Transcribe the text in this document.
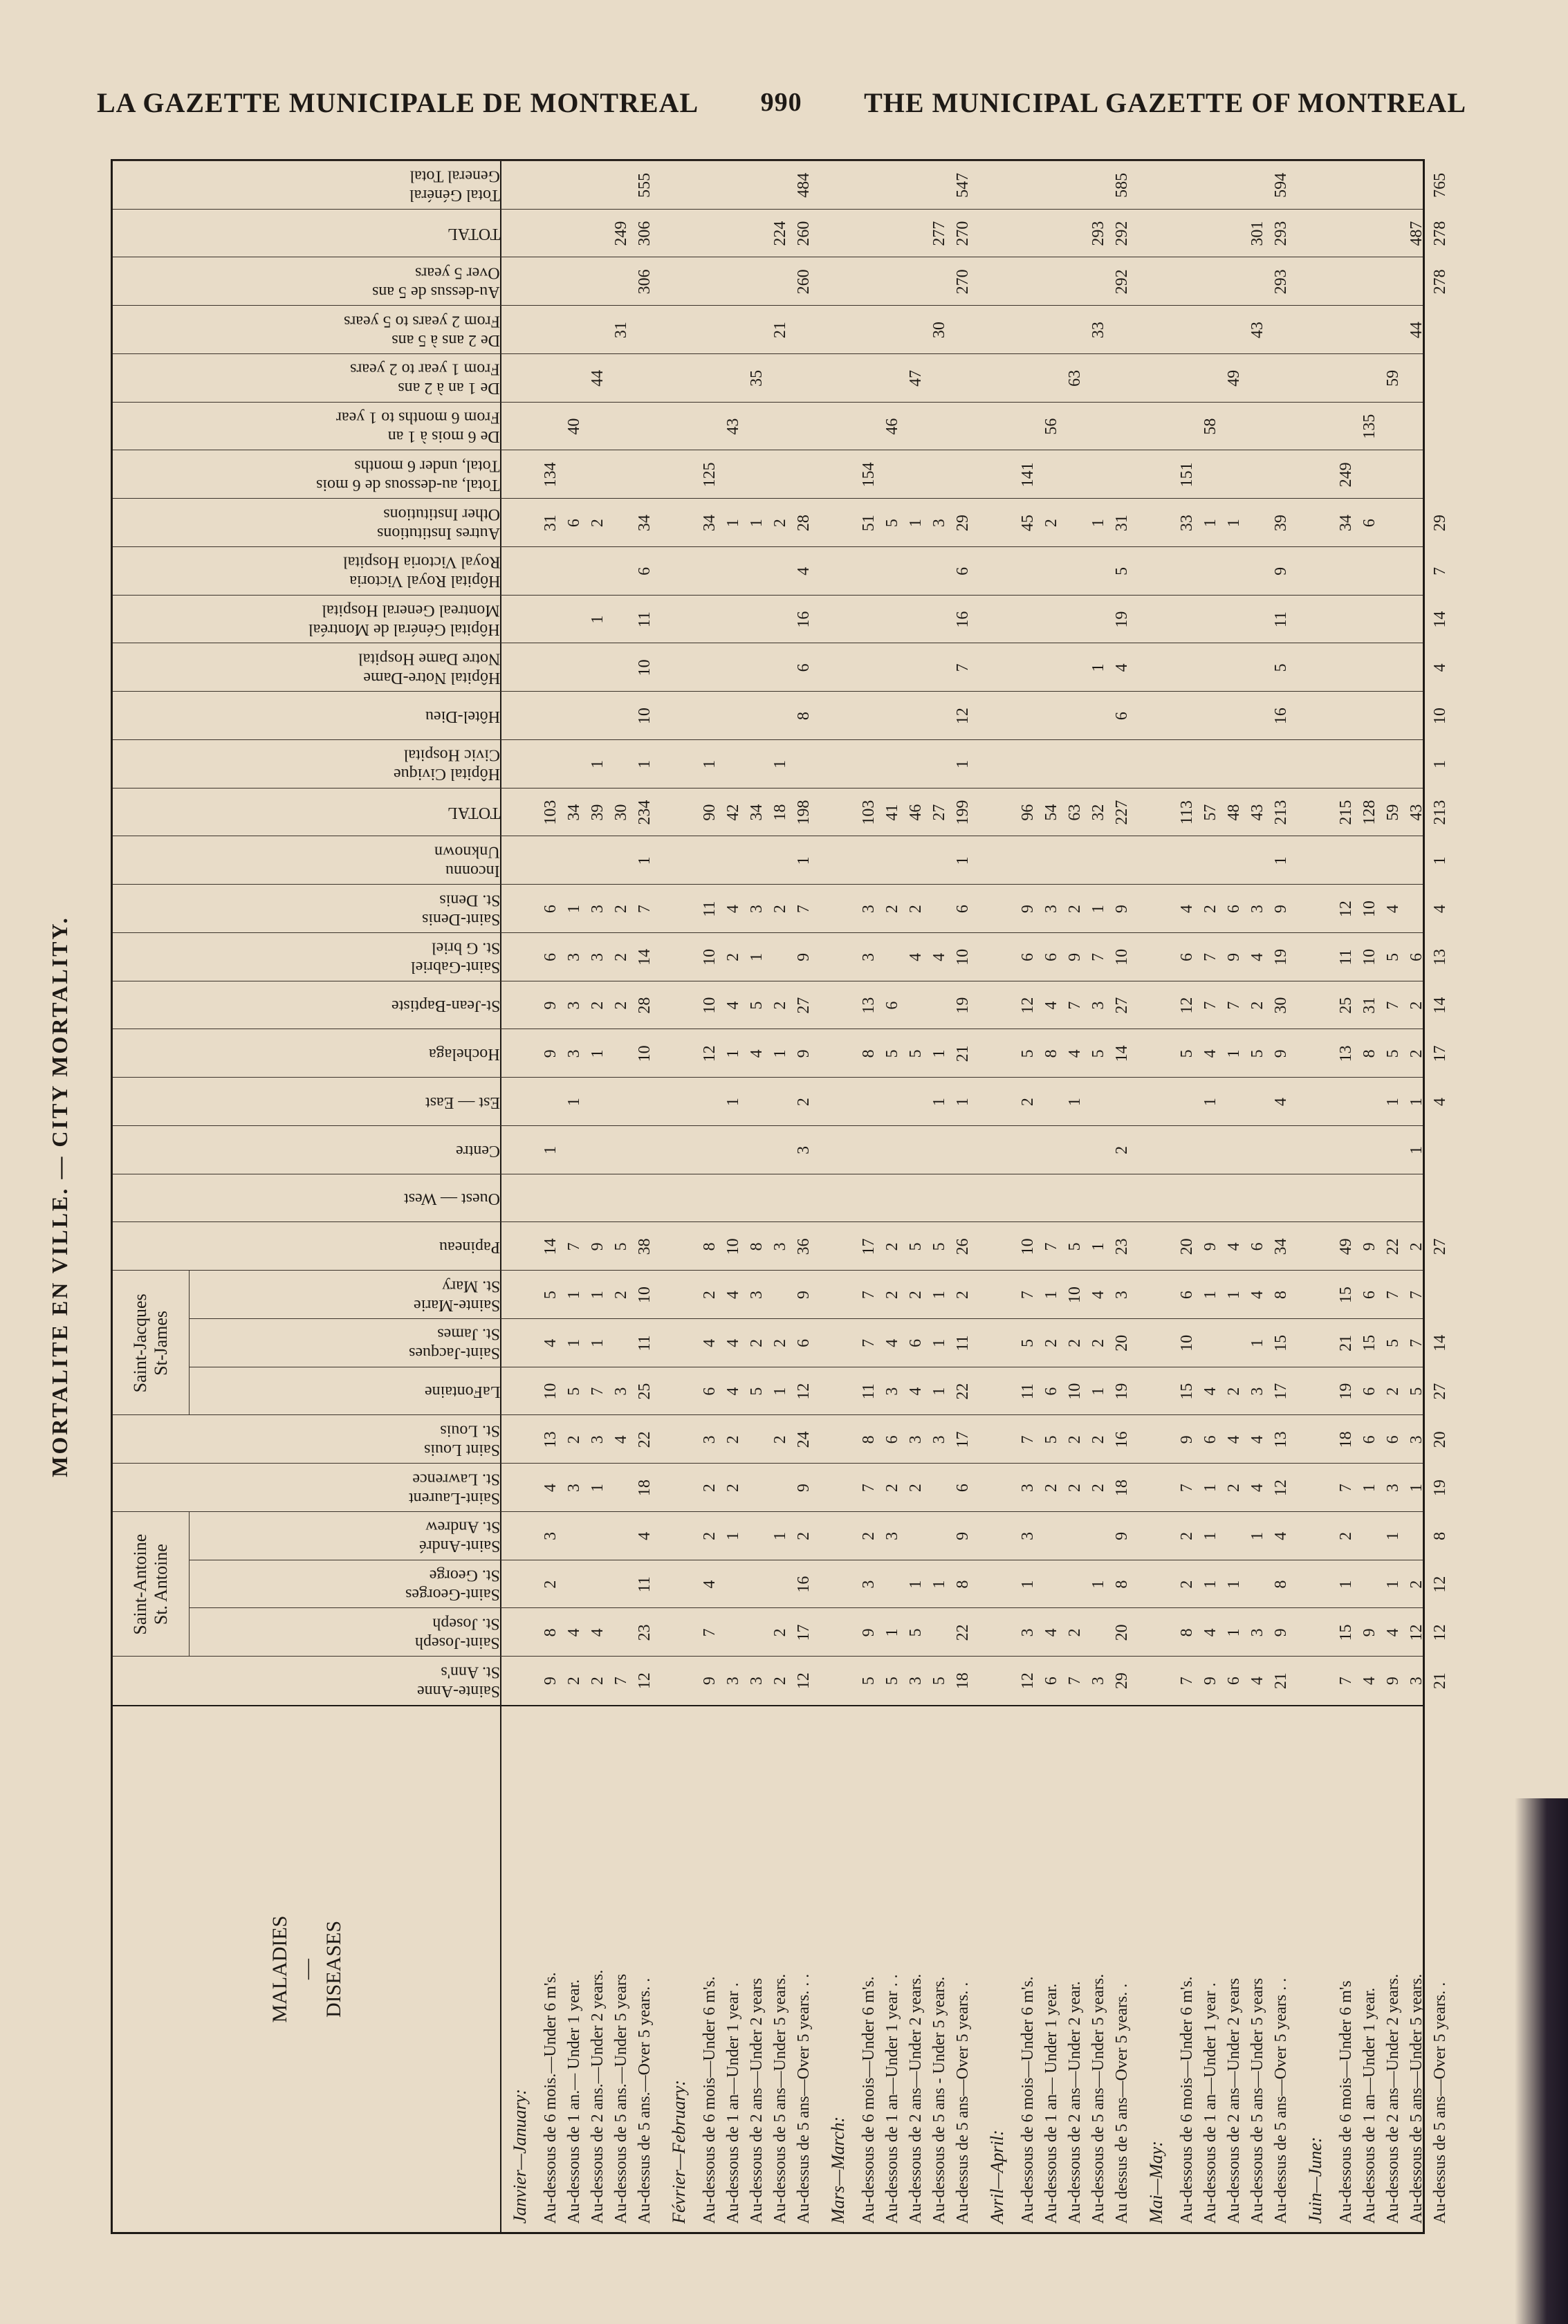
LA GAZETTE MUNICIPALE DE MONTREAL 990 THE MUNICIPAL GAZETTE OF MONTREAL
MORTALITE EN VILLE. — CITY MORTALITY.
MALADIES — DISEASES
Saint-Antoine St. Antoine
Saint-Jacques St-James
Sainte-Anne
St. Ann's
Saint-Joseph
St. Joseph
Saint-Georges
St. George
Saint-André
St. Andrew
Saint-Laurent
St. Lawrence
Saint Louis
St. Louis
LaFontaine
Saint-Jacques
St. James
Sainte-Marie
St. Mary
Papineau
Ouest — West
Centre
Est — East
Hochelaga
St-Jean-Baptiste
Saint-Gabriel
St. G briel
Saint-Denis
St. Denis
Inconnu
Unknown
TOTAL
Hôpital Civique
Civic Hospital
Hôtel-Dieu
Hôpital Notre-Dame
Notre Dame Hospital
Hôpital Général de Montréal
Montreal General Hospital
Hôpital Royal Victoria
Royal Victoria Hospital
Autres Institutions
Other Institutions
Total, au-dessous de 6 mois
Total, under 6 months
De 6 mois à 1 an
From 6 months to 1 year
De 1 an à 2 ans
From 1 year to 2 years
De 2 ans à 5 ans
From 2 years to 5 years
Au-dessus de 5 ans
Over 5 years
TOTAL
Total Général
General Total
Janvier—January: Au-dessous de 6 mois.—Under 6 m's.
9
8
2
3
4
13
10
4
5
14
1
9
9
6
6
103
31
134
Au-dessous de 1 an.— Under 1 year.
2
4
3
2
5
1
1
7
1
3
3
3
1
34
6
40
Au-dessous de 2 ans.—Under 2 years.
2
4
1
3
7
1
1
9
1
2
3
3
39
1
1
2
44
Au-dessous de 5 ans.—Under 5 years
7
4
3
2
5
2
2
2
30
31
249
Au-dessus de 5 ans.—Over 5 years. .
12
23
11
4
18
22
25
11
10
38
10
28
14
7
1
234
1
10
10
11
6
34
306
306
555
Février—February: Au-dessous de 6 mois—Under 6 m's.
9
7
4
2
2
3
6
4
2
8
12
10
10
11
90
1
34
125
Au-dessous de 1 an—Under 1 year .
3
1
2
2
4
4
4
10
1
1
4
2
4
42
1
43
Au-dessous de 2 ans—Under 2 years
3
5
2
3
8
4
5
1
3
34
1
35
Au-dessous de 5 ans—Under 5 years.
2
2
1
2
1
2
3
1
2
2
18
1
2
21
224
Au-dessus de 5 ans—Over 5 years. . .
12
17
16
2
9
24
12
6
9
36
3
2
9
27
9
7
1
198
8
6
16
4
28
260
260
484
Mars—March: Au-dessous de 6 mois—Under 6 m's.
5
9
3
2
7
8
11
7
7
17
8
13
3
3
103
51
154
Au-dessous de 1 an—Under 1 year . .
5
1
3
2
6
3
4
2
2
5
6
2
41
5
46
Au-dessous de 2 ans—Under 2 years.
3
5
1
2
3
4
6
2
5
5
4
2
46
1
47
Au-dessous de 5 ans - Under 5 years.
5
1
3
1
1
1
5
1
1
4
27
3
30
277
Au-dessus de 5 ans—Over 5 years. .
18
22
8
9
6
17
22
11
2
26
1
21
19
10
6
1
199
1
12
7
16
6
29
270
270
547
Avril—April: Au-dessous de 6 mois—Under 6 m's.
12
3
1
3
3
7
11
5
7
10
2
5
12
6
9
96
45
141
Au-dessous de 1 an— Under 1 year.
6
4
2
5
6
2
1
7
8
4
6
3
54
2
56
Au-dessous de 2 ans—Under 2 year.
7
2
2
2
10
2
10
5
1
4
7
9
2
63
63
Au-dessous de 5 ans—Under 5 years.
3
1
2
2
1
2
4
1
5
3
7
1
32
1
1
33
293
Au dessus de 5 ans—Over 5 years. .
29
20
8
9
18
16
19
20
3
23
2
14
27
10
9
227
6
4
19
5
31
292
292
585
Mai—May: Au-dessous de 6 mois—Under 6 m's.
7
8
2
2
7
9
15
10
6
20
5
12
6
4
113
33
151
Au-dessous de 1 an—Under 1 year .
9
4
1
1
1
6
4
1
9
1
4
7
7
2
57
1
58
Au-dessous de 2 ans—Under 2 years
6
1
1
2
4
2
1
4
1
7
9
6
48
1
49
Au-dessous de 5 ans—Under 5 years
4
3
1
4
4
3
1
4
6
5
2
4
3
43
43
301
Au-dessus de 5 ans—Over 5 years . .
21
9
8
4
12
13
17
15
8
34
4
9
30
19
9
1
213
16
5
11
9
39
293
293
594
Juin—June: Au-dessous de 6 mois—Under 6 m's
7
15
1
2
7
18
19
21
15
49
13
25
11
12
215
34
249
Au-dessous de 1 an—Under 1 year.
4
9
1
6
6
15
6
9
8
31
10
10
128
6
135
Au-dessous de 2 ans—Under 2 years.
9
4
1
1
3
6
2
5
7
22
1
5
7
5
4
59
59
Au-dessous de 5 ans—Under 5 years.
3
12
2
1
3
5
7
7
2
1
1
2
2
6
43
44
487
Au-dessus de 5 ans—Over 5 years. .
21
12
12
8
19
20
27
14
27
4
17
14
13
4
1
213
1
10
4
14
7
29
278
278
765
